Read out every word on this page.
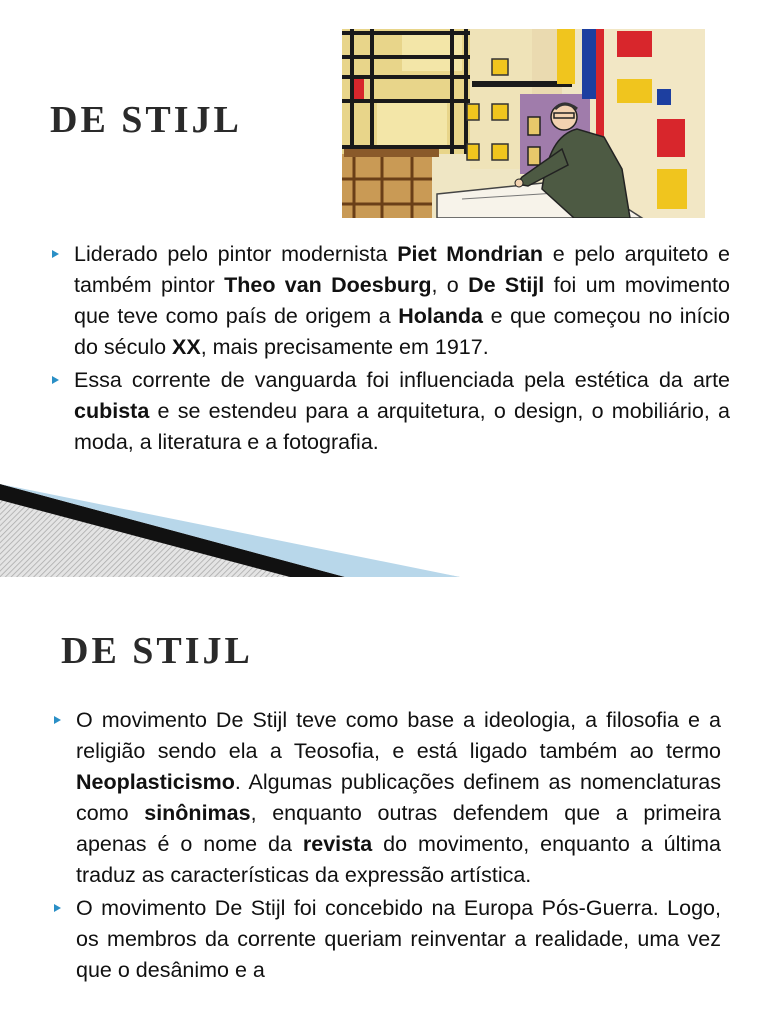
DE STIJL
Liderado pelo pintor modernista Piet Mondrian e pelo arquiteto e também pintor Theo van Doesburg, o De Stijl foi um movimento que teve como país de origem a Holanda e que começou no início do século XX, mais precisamente em 1917.
Essa corrente de vanguarda foi influenciada pela estética da arte cubista e se estendeu para a arquitetura, o design, o mobiliário, a moda, a literatura e a fotografia.
DE STIJL
O movimento De Stijl teve como base a ideologia, a filosofia e a religião sendo ela a Teosofia, e está ligado também ao termo Neoplasticismo. Algumas publicações definem as nomenclaturas como sinônimas, enquanto outras defendem que a primeira apenas é o nome da revista do movimento, enquanto a última traduz as características da expressão artística.
O movimento De Stijl foi concebido na Europa Pós-Guerra. Logo, os membros da corrente queriam reinventar a realidade, uma vez que o desânimo e a
